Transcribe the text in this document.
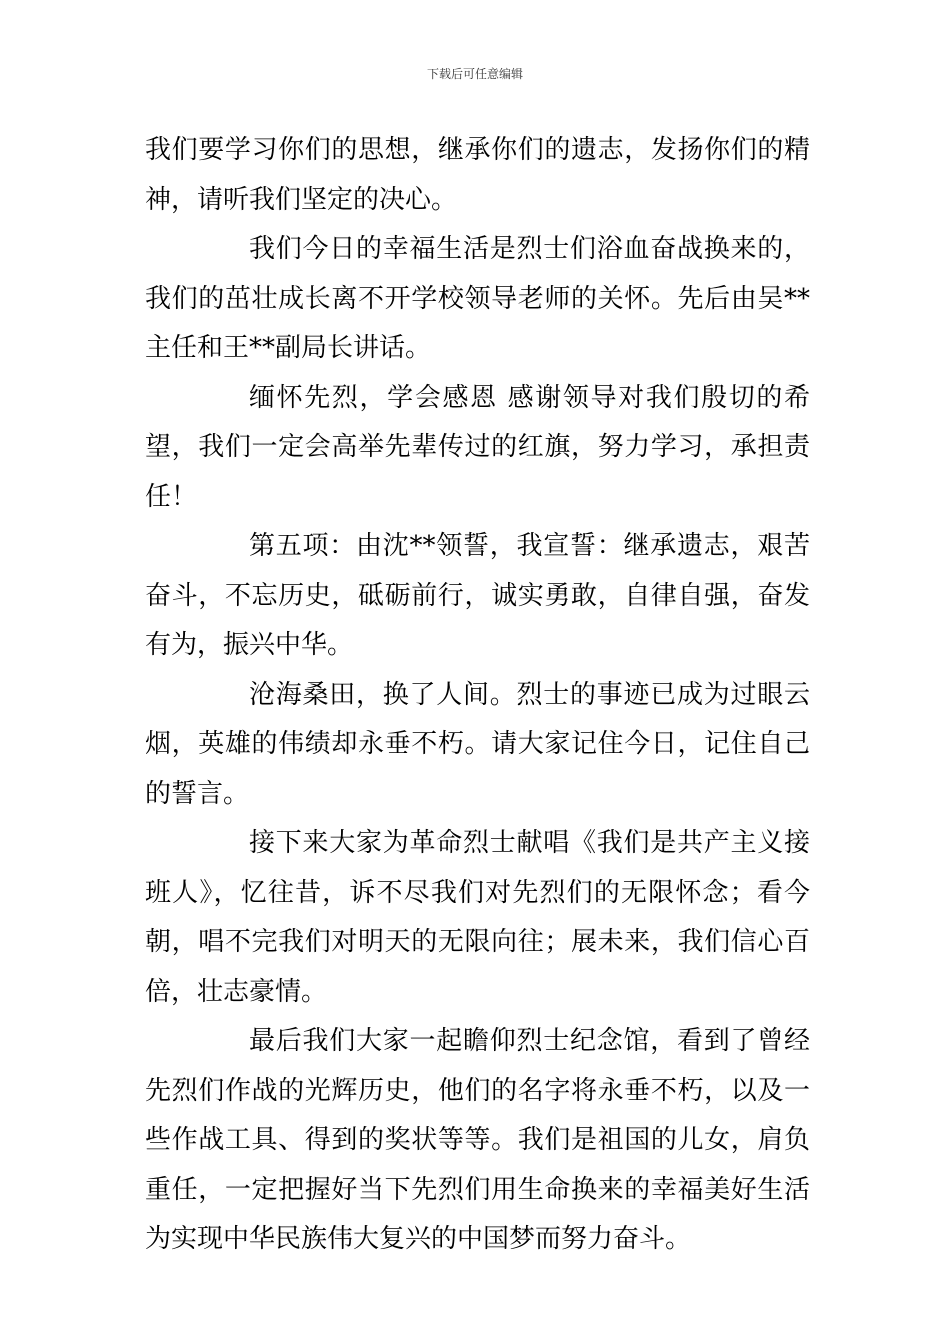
下载后可任意编辑

我们要学习你们的思想，继承你们的遗志，发扬你们的精神，请听我们坚定的决心。

我们今日的幸福生活是烈士们浴血奋战换来的，我们的茁壮成长离不开学校领导老师的关怀。先后由吴**主任和王**副局长讲话。

缅怀先烈，学会感恩 感谢领导对我们殷切的希望，我们一定会高举先辈传过的红旗，努力学习，承担责任！

第五项：由沈**领誓，我宣誓：继承遗志，艰苦奋斗，不忘历史，砥砺前行，诚实勇敢，自律自强，奋发有为，振兴中华。

沧海桑田，换了人间。烈士的事迹已成为过眼云烟，英雄的伟绩却永垂不朽。请大家记住今日，记住自己的誓言。

接下来大家为革命烈士献唱《我们是共产主义接班人》，忆往昔，诉不尽我们对先烈们的无限怀念；看今朝，唱不完我们对明天的无限向往；展未来，我们信心百倍，壮志豪情。

最后我们大家一起瞻仰烈士纪念馆，看到了曾经先烈们作战的光辉历史，他们的名字将永垂不朽，以及一些作战工具、得到的奖状等等。我们是祖国的儿女，肩负重任，一定把握好当下先烈们用生命换来的幸福美好生活为实现中华民族伟大复兴的中国梦而努力奋斗。
